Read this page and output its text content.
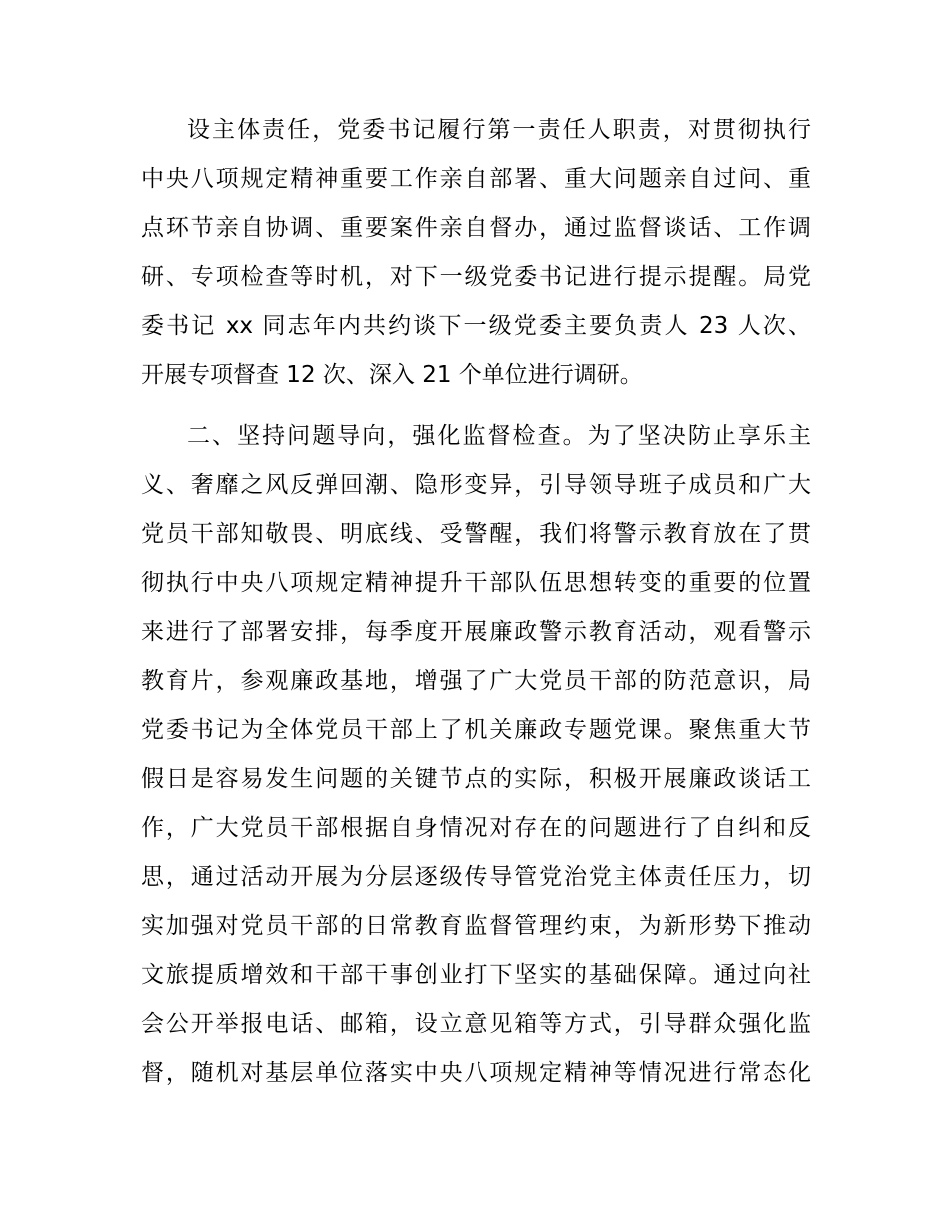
设主体责任，党委书记履行第一责任人职责，对贯彻执行
中央八项规定精神重要工作亲自部署、重大问题亲自过问、重
点环节亲自协调、重要案件亲自督办，通过监督谈话、工作调
研、专项检查等时机，对下一级党委书记进行提示提醒。局党
委书记 xx 同志年内共约谈下一级党委主要负责人 23 人次、
开展专项督查 12 次、深入 21 个单位进行调研。
二、坚持问题导向，强化监督检查。为了坚决防止享乐主
义、奢靡之风反弹回潮、隐形变异，引导领导班子成员和广大
党员干部知敬畏、明底线、受警醒，我们将警示教育放在了贯
彻执行中央八项规定精神提升干部队伍思想转变的重要的位置
来进行了部署安排，每季度开展廉政警示教育活动，观看警示
教育片，参观廉政基地，增强了广大党员干部的防范意识，局
党委书记为全体党员干部上了机关廉政专题党课。聚焦重大节
假日是容易发生问题的关键节点的实际，积极开展廉政谈话工
作，广大党员干部根据自身情况对存在的问题进行了自纠和反
思，通过活动开展为分层逐级传导管党治党主体责任压力，切
实加强对党员干部的日常教育监督管理约束，为新形势下推动
文旅提质增效和干部干事创业打下坚实的基础保障。通过向社
会公开举报电话、邮箱，设立意见箱等方式，引导群众强化监
督，随机对基层单位落实中央八项规定精神等情况进行常态化
